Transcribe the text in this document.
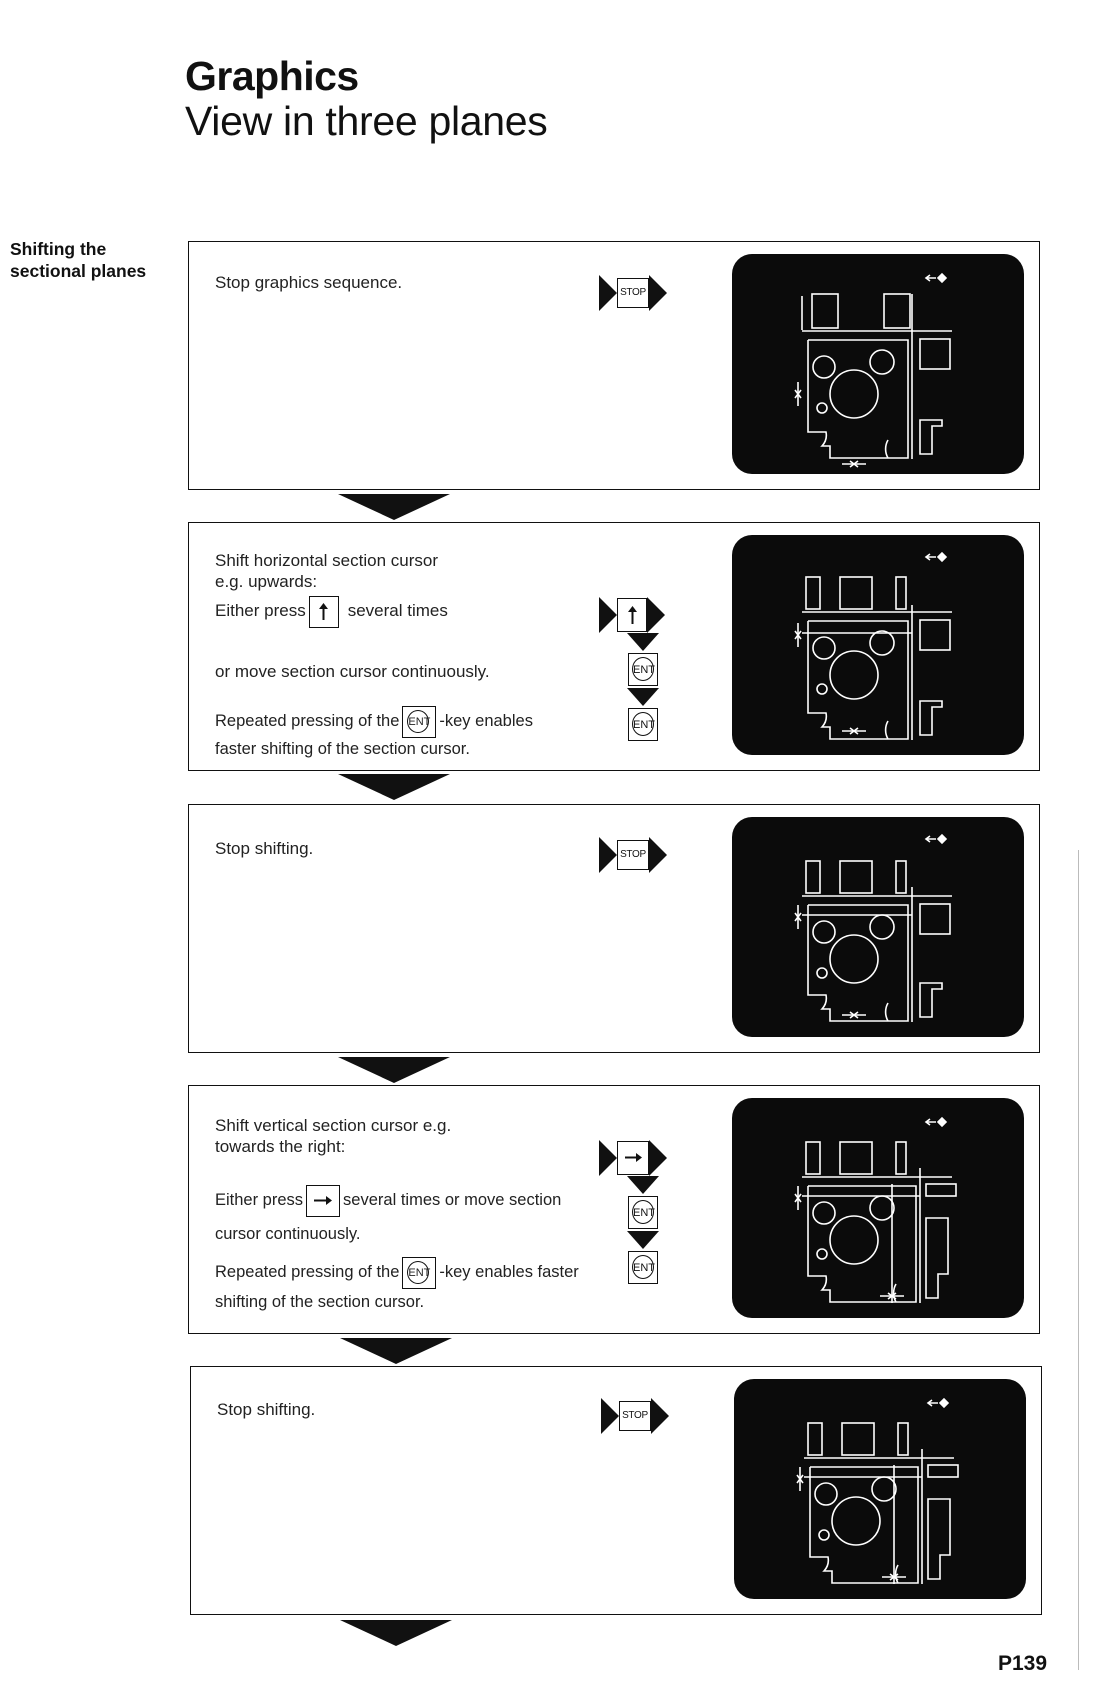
Graphics
View in three planes
Shifting the
sectional planes
Stop graphics sequence.
STOP
Shift horizontal section cursor
e.g. upwards:
Either press several times
or move section cursor continuously.
Repeated pressing of the ENT -key enables
faster shifting of the section cursor.
ENT
ENT
Stop shifting.	STOP
Shift vertical section cursor e.g.
towards the right:
Either press several times or move section
cursor continuously.
Repeated pressing of the ENT -key enables faster
shifting of the section cursor.
ENT
ENT
Stop shifting.	STOP
P139
